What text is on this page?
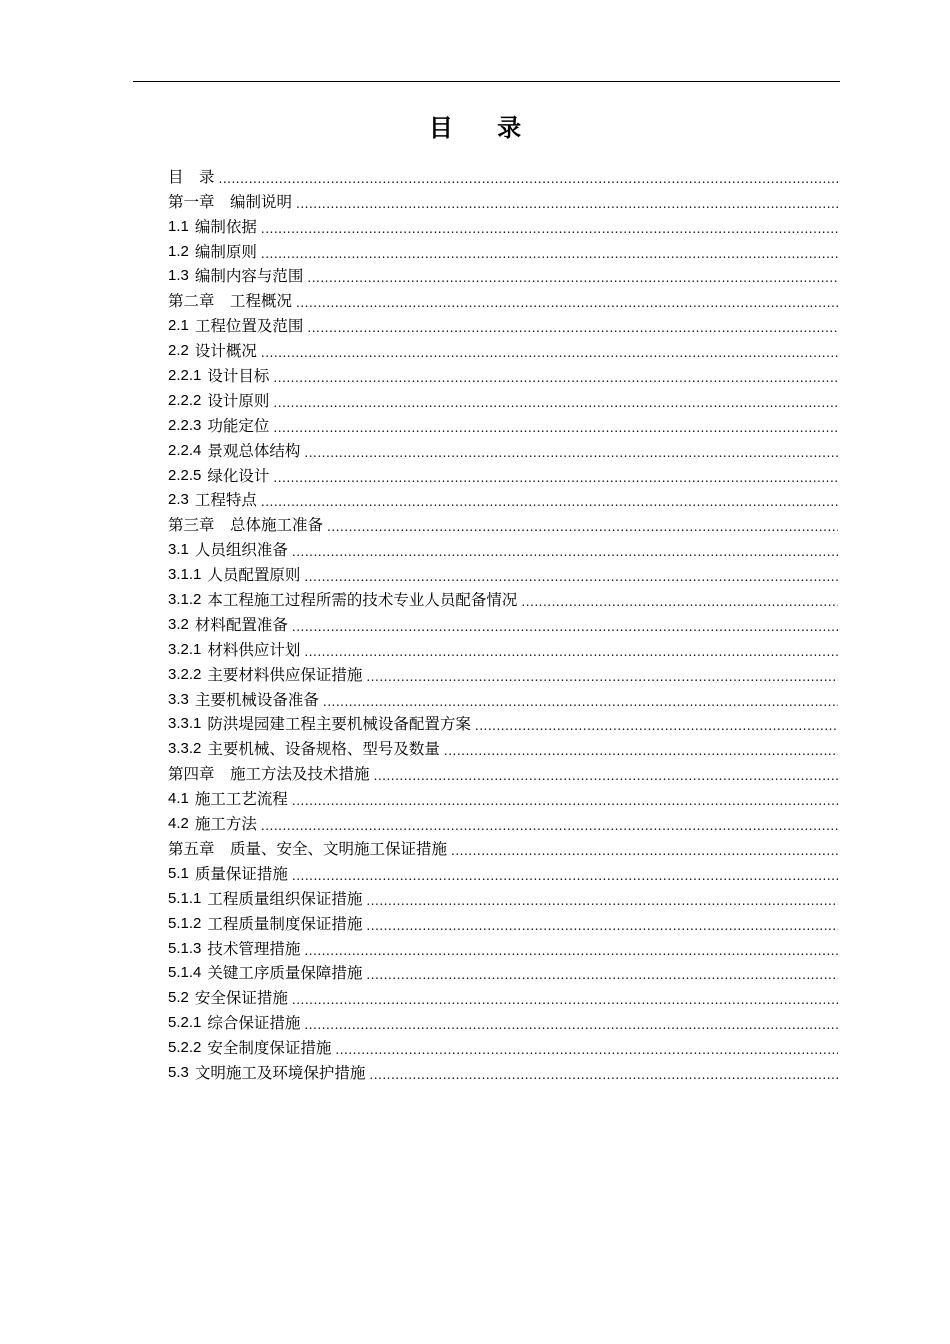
目 录
目　录
.....
第一章　编制说明
.....
1.1 编制依据
.....
1.2 编制原则
.....
1.3 编制内容与范围
.....
第二章　工程概况
.....
2.1 工程位置及范围
.....
2.2 设计概况
.....
2.2.1 设计目标
.....
2.2.2 设计原则
.....
2.2.3 功能定位
.....
2.2.4 景观总体结构
.....
2.2.5 绿化设计
.....
2.3 工程特点
.....
第三章　总体施工准备
.....
3.1 人员组织准备
.....
3.1.1 人员配置原则
.....
3.1.2 本工程施工过程所需的技术专业人员配备情况
.....
3.2 材料配置准备
.....
3.2.1 材料供应计划
.....
3.2.2 主要材料供应保证措施
.....
3.3 主要机械设备准备
.....
3.3.1 防洪堤园建工程主要机械设备配置方案
.....
3.3.2 主要机械、设备规格、型号及数量
.....
第四章　施工方法及技术措施
.....
4.1 施工工艺流程
.....
4.2 施工方法
.....
第五章　质量、安全、文明施工保证措施
.....
5.1 质量保证措施
.....
5.1.1 工程质量组织保证措施
.....
5.1.2 工程质量制度保证措施
.....
5.1.3 技术管理措施
.....
5.1.4 关键工序质量保障措施
.....
5.2 安全保证措施
.....
5.2.1 综合保证措施
.....
5.2.2 安全制度保证措施
.....
5.3 文明施工及环境保护措施
.....
